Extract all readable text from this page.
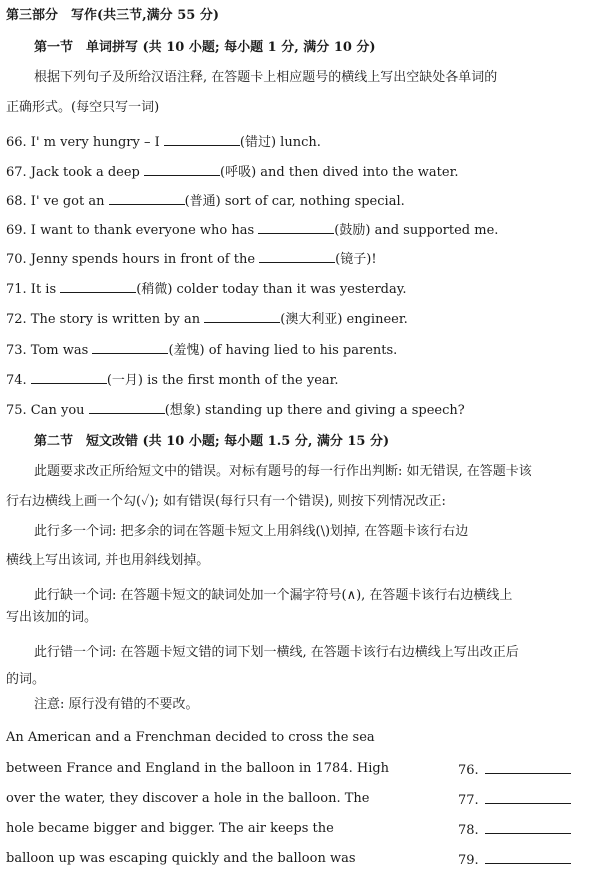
第三部分　写作(共三节,满分 55 分)
第一节　单词拼写 (共 10 小题; 每小题 1 分, 满分 10 分)
根据下列句子及所给汉语注释, 在答题卡上相应题号的横线上写出空缺处各单词的
正确形式。(每空只写一词)
66. I' m very hungry – I	(错过) lunch.
67. Jack took a deep	(呼吸) and then dived into the water.
68. I' ve got an	(普通) sort of car, nothing special.
69. I want to thank everyone who has	(鼓励) and supported me.
70. Jenny spends hours in front of the	(镜子)!
71. It is	(稍微) colder today than it was yesterday.
72. The story is written by an	(澳大利亚) engineer.
73. Tom was	(羞愧) of having lied to his parents.
74.	(一月) is the first month of the year.
75. Can you	(想象) standing up there and giving a speech?
第二节　短文改错 (共 10 小题; 每小题 1.5 分, 满分 15 分)
此题要求改正所给短文中的错误。对标有题号的每一行作出判断: 如无错误, 在答题卡该
行右边横线上画一个勾(✓); 如有错误(每行只有一个错误), 则按下列情况改正:
此行多一个词: 把多余的词在答题卡短文上用斜线(\)划掉, 在答题卡该行右边
横线上写出该词, 并也用斜线划掉。
此行缺一个词: 在答题卡短文的缺词处加一个漏字符号(∧), 在答题卡该行右边横线上
写出该加的词。
此行错一个词: 在答题卡短文错的词下划一横线, 在答题卡该行右边横线上写出改正后
的词。
注意: 原行没有错的不要改。
An American and a Frenchman decided to cross the sea
between France and England in the balloon in 1784. High	76.
over the water, they discover a hole in the balloon. The	77.
hole became bigger and bigger. The air keeps the	78.
balloon up was escaping quickly and the balloon was	79.
